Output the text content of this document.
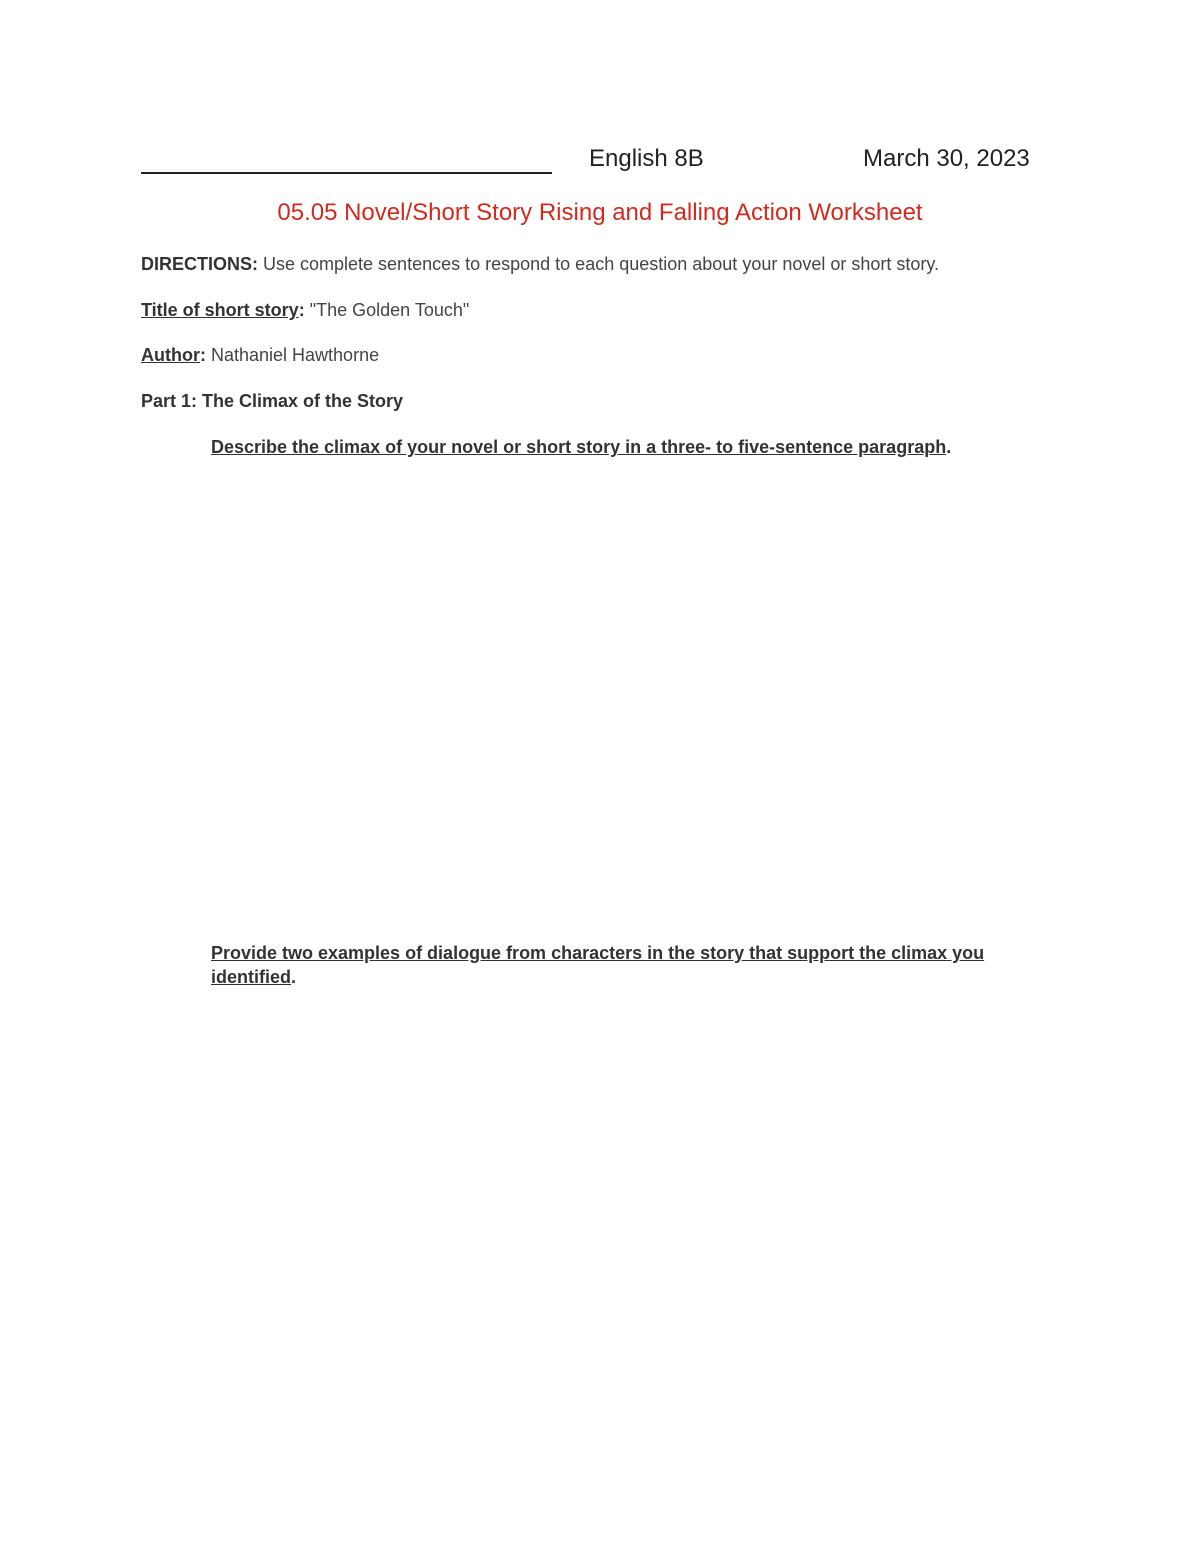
English 8B	March 30, 2023
05.05 Novel/Short Story Rising and Falling Action Worksheet
DIRECTIONS: Use complete sentences to respond to each question about your novel or short story.
Title of short story: "The Golden Touch"
Author: Nathaniel Hawthorne
Part 1: The Climax of the Story
Describe the climax of your novel or short story in a three- to five-sentence paragraph.
Provide two examples of dialogue from characters in the story that support the climax you identified.
